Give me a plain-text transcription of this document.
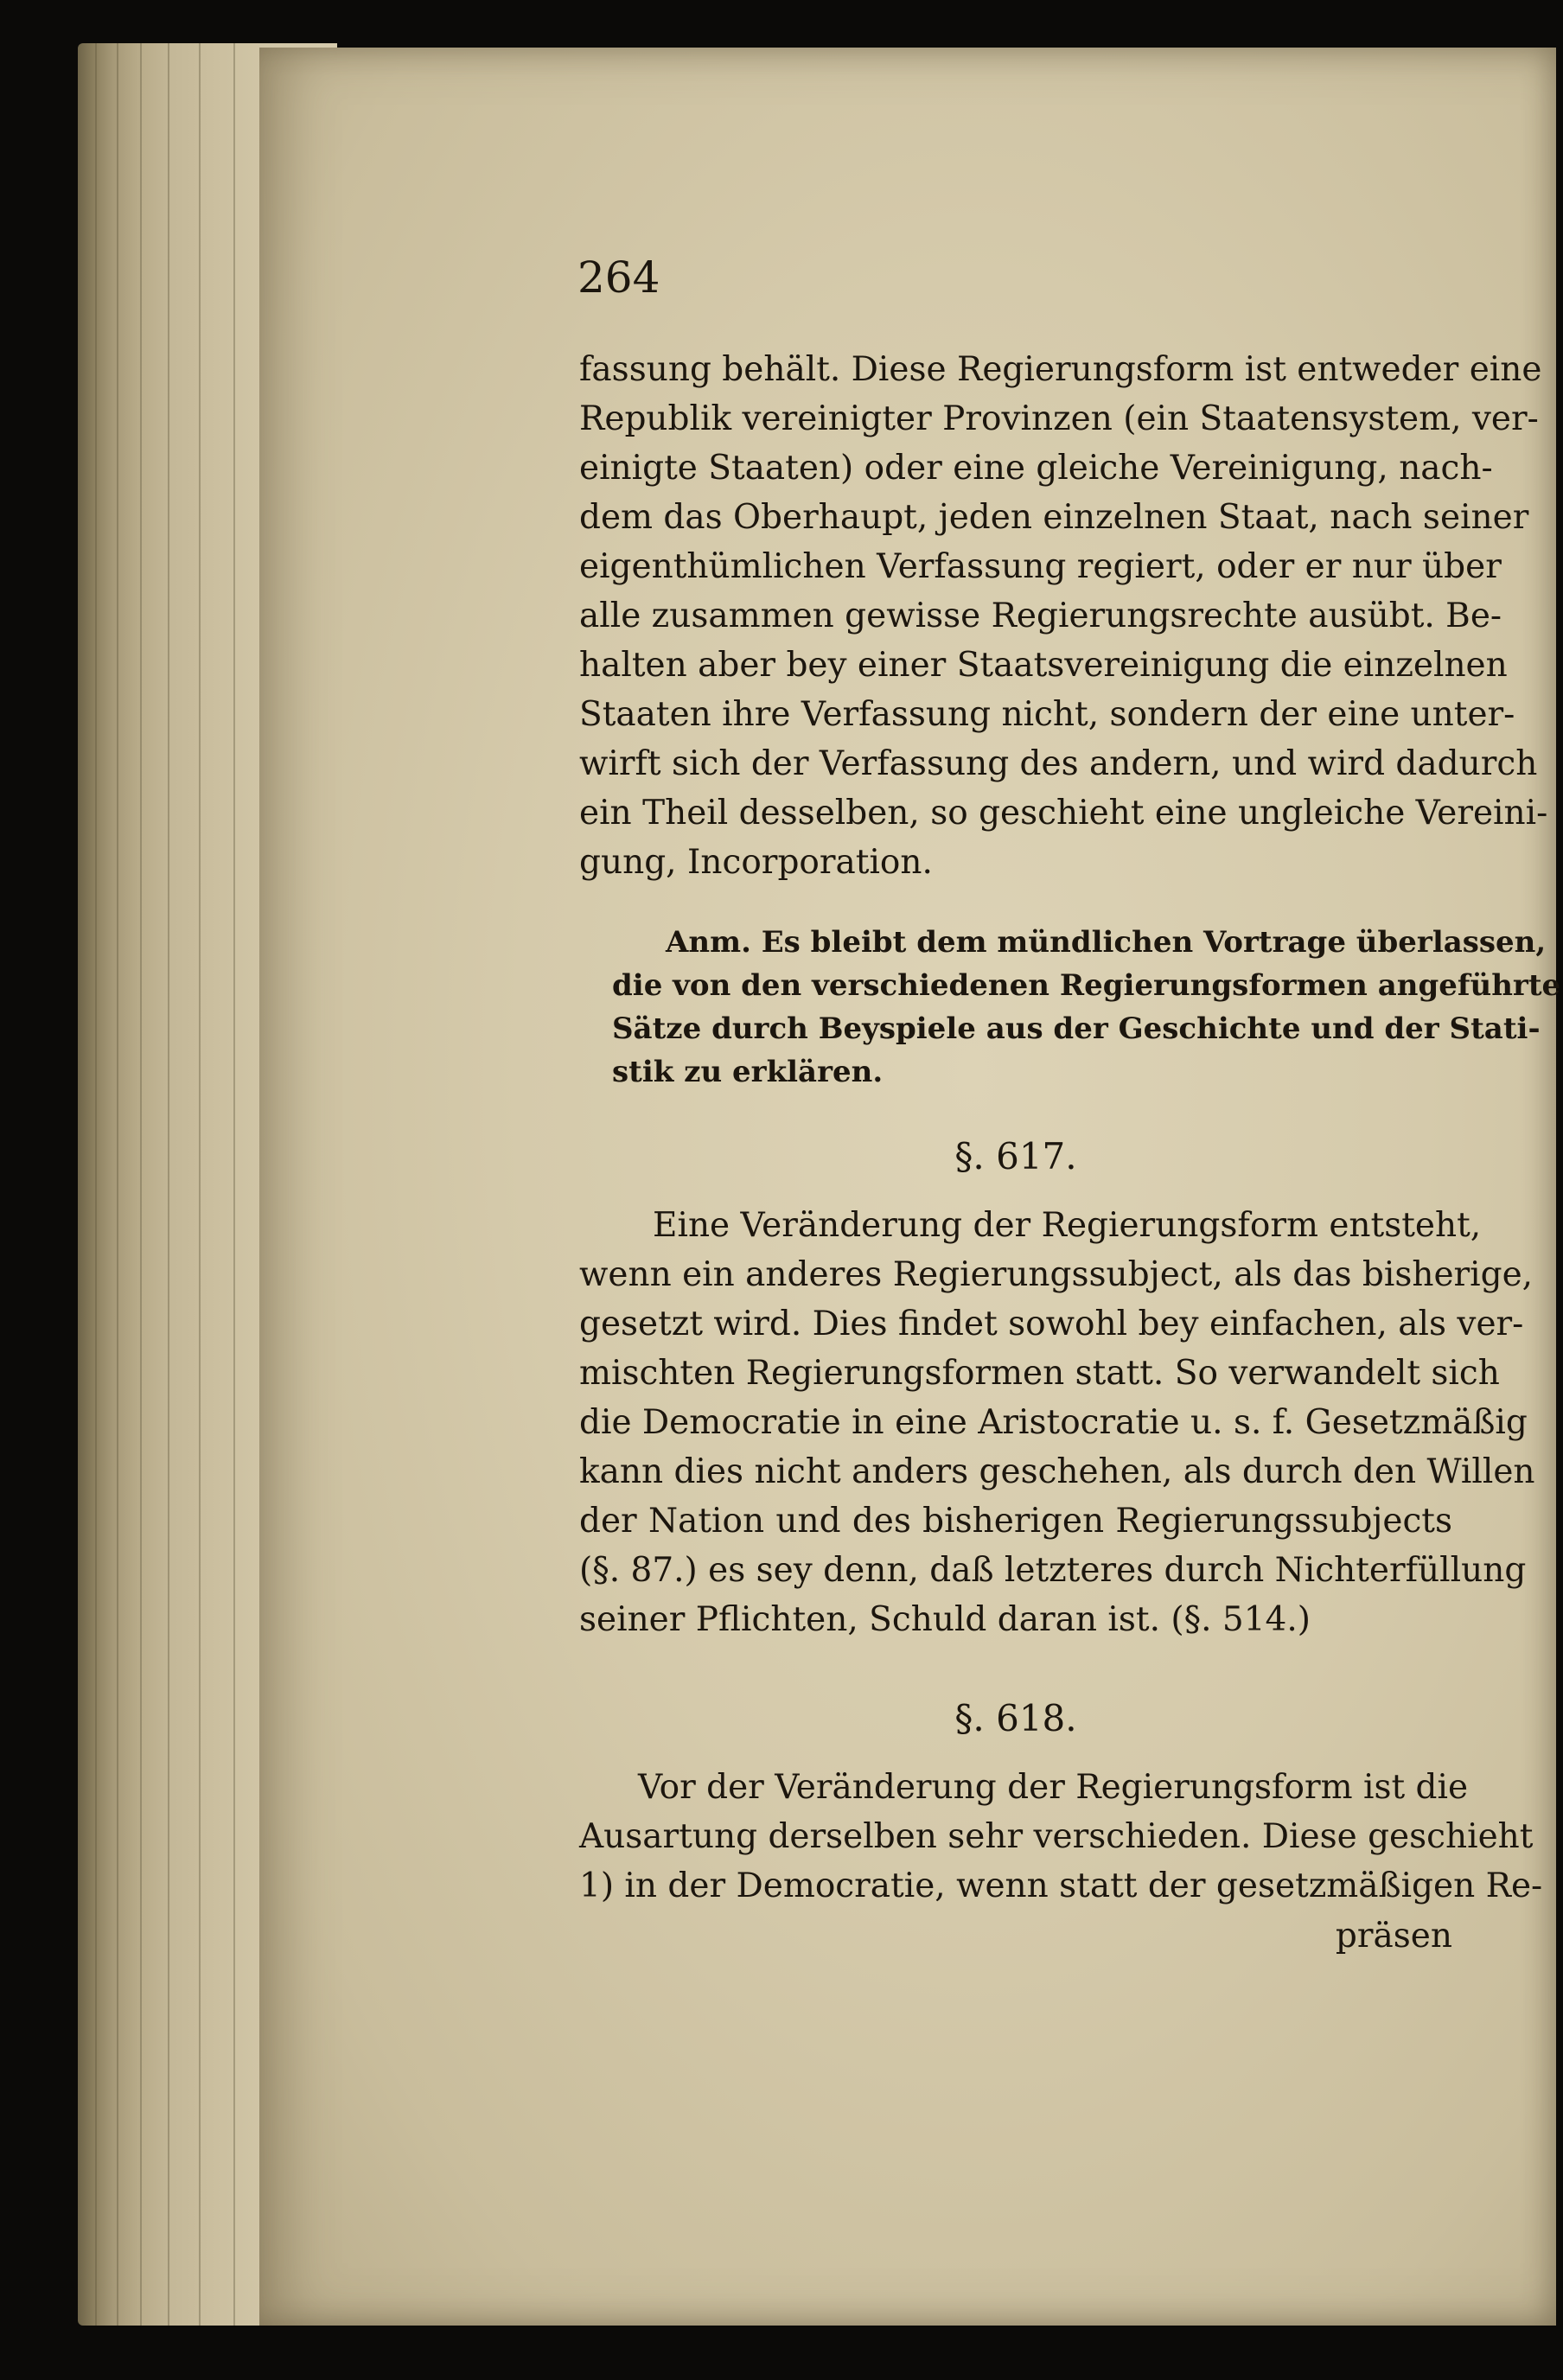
264
fassung behält. Diese Regierungsform ist entweder eine
Republik vereinigter Provinzen (ein Staatensystem, ver-
einigte Staaten) oder eine gleiche Vereinigung, nach-
dem das Oberhaupt, jeden einzelnen Staat, nach seiner
eigenthümlichen Verfassung regiert, oder er nur über
alle zusammen gewisse Regierungsrechte ausübt. Be-
halten aber bey einer Staatsvereinigung die einzelnen
Staaten ihre Verfassung nicht, sondern der eine unter-
wirft sich der Verfassung des andern, und wird dadurch
ein Theil desselben, so geschieht eine ungleiche Vereini-
gung, Incorporation.
Anm. Es bleibt dem mündlichen Vortrage überlassen,
die von den verschiedenen Regierungsformen angeführte
Sätze durch Beyspiele aus der Geschichte und der Stati-
stik zu erklären.
§. 617.
Eine Veränderung der Regierungsform entsteht,
wenn ein anderes Regierungssubject, als das bisherige,
gesetzt wird. Dies findet sowohl bey einfachen, als ver-
mischten Regierungsformen statt. So verwandelt sich
die Democratie in eine Aristocratie u. s. f. Gesetzmäßig
kann dies nicht anders geschehen, als durch den Willen
der Nation und des bisherigen Regierungssubjects
(§. 87.) es sey denn, daß letzteres durch Nichterfüllung
seiner Pflichten, Schuld daran ist. (§. 514.)
§. 618.
Vor der Veränderung der Regierungsform ist die
Ausartung derselben sehr verschieden. Diese geschieht
1) in der Democratie, wenn statt der gesetzmäßigen Re-
präsen
